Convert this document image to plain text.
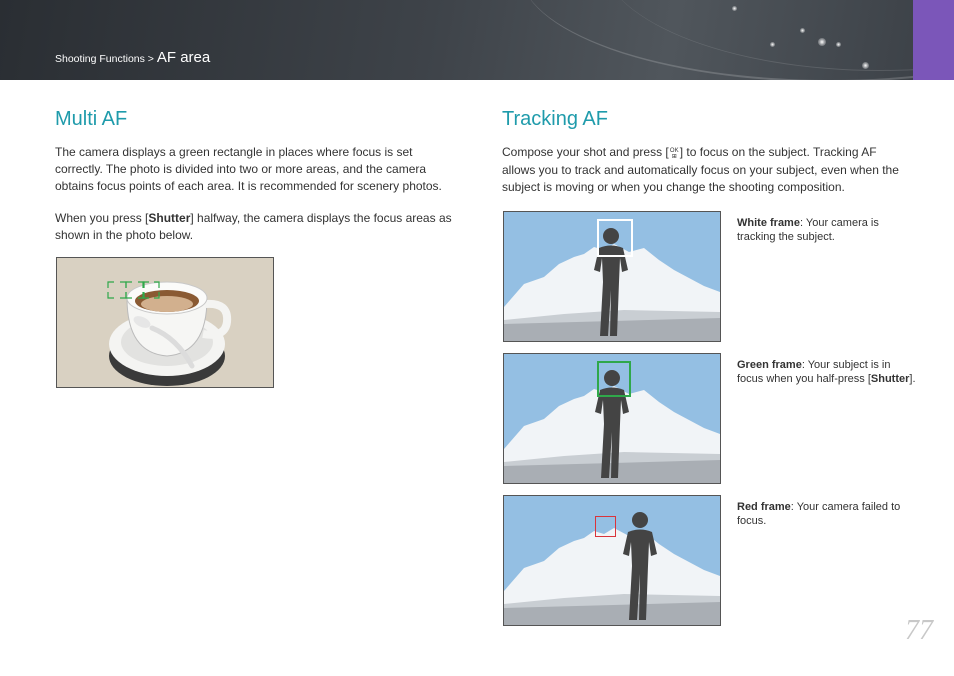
Shooting Functions > AF area
Multi AF

The camera displays a green rectangle in places where focus is set correctly. The photo is divided into two or more areas, and the camera obtains focus points of each area. It is recommended for scenery photos.

When you press [Shutter] halfway, the camera displays the focus areas as shown in the photo below.

Tracking AF

Compose your shot and press [OK
⊞ ] to focus on the subject. Tracking AF allows you to track and automatically focus on your subject, even when the subject is moving or when you change the shooting composition.

White frame: Your camera is tracking the subject.

Green frame: Your subject is in focus when you half-press [Shutter].

Red frame: Your camera failed to focus.

77
